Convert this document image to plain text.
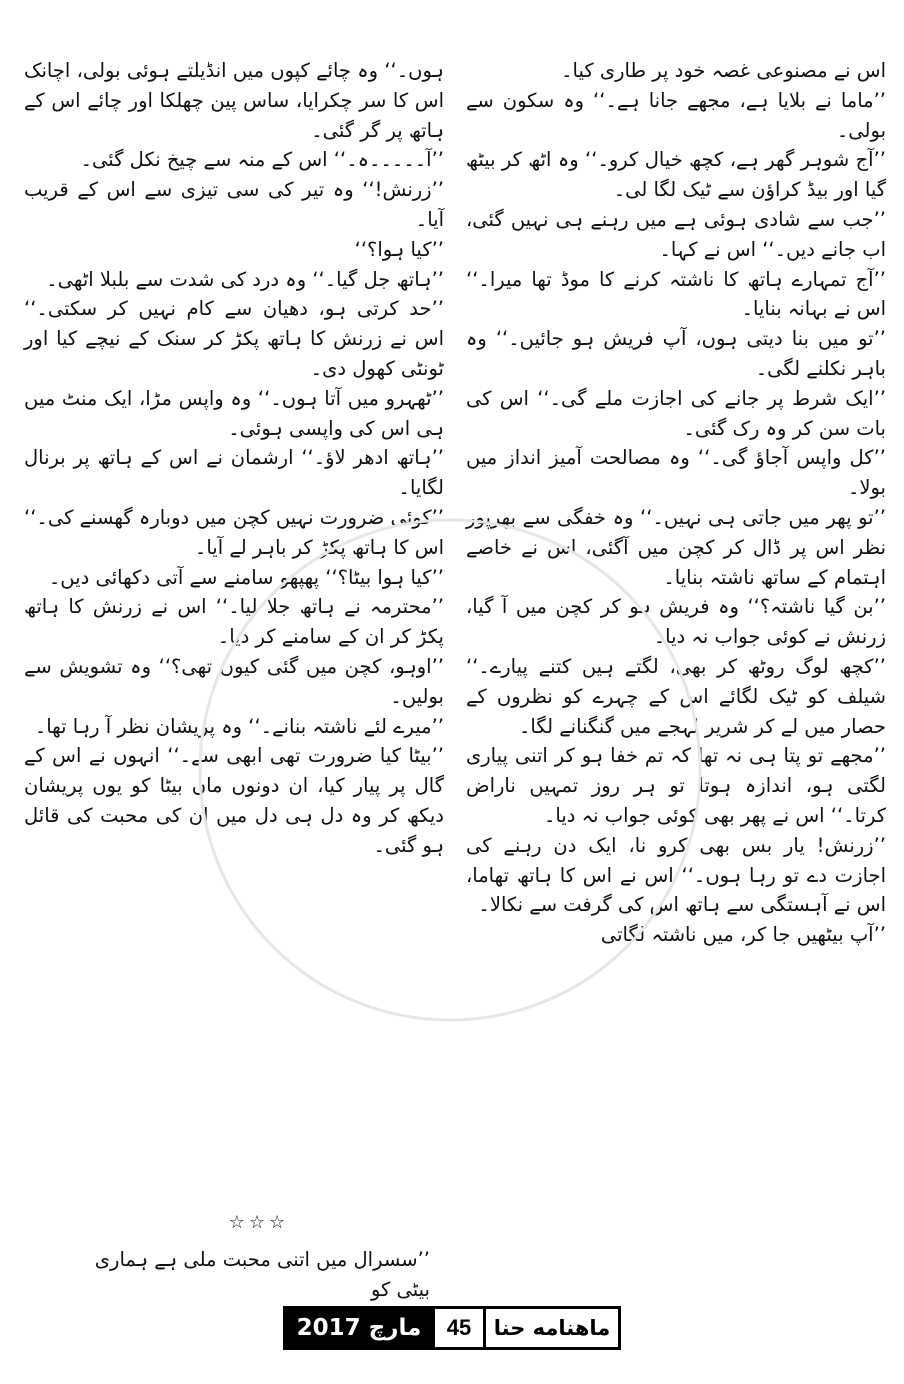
اس نے مصنوعی غصہ خود پر طاری کیا۔

’’ماما نے بلایا ہے، مجھے جانا ہے۔‘‘ وہ سکون سے بولی۔

’’آج شوہر گھر ہے، کچھ خیال کرو۔‘‘ وہ اٹھ کر بیٹھ گیا اور بیڈ کراؤن سے ٹیک لگا لی۔

’’جب سے شادی ہوئی ہے میں رہنے ہی نہیں گئی، اب جانے دیں۔‘‘ اس نے کہا۔

’’آج تمہارے ہاتھ کا ناشتہ کرنے کا موڈ تھا میرا۔‘‘ اس نے بہانہ بنایا۔

’’تو میں بنا دیتی ہوں، آپ فریش ہو جائیں۔‘‘ وہ باہر نکلنے لگی۔

’’ایک شرط پر جانے کی اجازت ملے گی۔‘‘ اس کی بات سن کر وہ رک گئی۔

’’کل واپس آجاؤ گی۔‘‘ وہ مصالحت آمیز انداز میں بولا۔

’’تو پھر میں جاتی ہی نہیں۔‘‘ وہ خفگی سے بھرپور نظر اس پر ڈال کر کچن میں آگئی، اس نے خاصے اہتمام کے ساتھ ناشتہ بنایا۔

’’بن گیا ناشتہ؟‘‘ وہ فریش ہو کر کچن میں آ گیا، زرنش نے کوئی جواب نہ دیا۔

’’کچھ لوگ روٹھ کر بھی، لگتے ہیں کتنے پیارے۔‘‘ شیلف کو ٹیک لگائے اس کے چہرے کو نظروں کے حصار میں لے کر شریر لہجے میں گنگنانے لگا۔

’’مجھے تو پتا ہی نہ تھا کہ تم خفا ہو کر اتنی پیاری لگتی ہو، اندازہ ہوتا تو ہر روز تمہیں ناراض کرتا۔‘‘ اس نے پھر بھی کوئی جواب نہ دیا۔

’’زرنش! یار بس بھی کرو نا، ایک دن رہنے کی اجازت دے تو رہا ہوں۔‘‘ اس نے اس کا ہاتھ تھاما، اس نے آہستگی سے ہاتھ اس کی گرفت سے نکالا۔

’’آپ بیٹھیں جا کر، میں ناشتہ لگاتی

ہوں۔‘‘ وہ چائے کپوں میں انڈیلتے ہوئی بولی، اچانک اس کا سر چکرایا، ساس پین چھلکا اور چائے اس کے ہاتھ پر گر گئی۔

’’آ۔۔۔۔۔ہ۔‘‘ اس کے منہ سے چیخ نکل گئی۔

’’زرنش!‘‘ وہ تیر کی سی تیزی سے اس کے قریب آیا۔

’’کیا ہوا؟‘‘

’’ہاتھ جل گیا۔‘‘ وہ درد کی شدت سے بلبلا اٹھی۔

’’حد کرتی ہو، دھیان سے کام نہیں کر سکتی۔‘‘ اس نے زرنش کا ہاتھ پکڑ کر سنک کے نیچے کیا اور ٹونٹی کھول دی۔

’’ٹھہرو میں آتا ہوں۔‘‘ وہ واپس مڑا، ایک منٹ میں ہی اس کی واپسی ہوئی۔

’’ہاتھ ادھر لاؤ۔‘‘ ارشمان نے اس کے ہاتھ پر برنال لگایا۔

’’کوئی ضرورت نہیں کچن میں دوبارہ گھسنے کی۔‘‘ اس کا ہاتھ پکڑ کر باہر لے آیا۔

’’کیا ہوا بیٹا؟‘‘ پھپھو سامنے سے آتی دکھائی دیں۔

’’محترمہ نے ہاتھ جلا لیا۔‘‘ اس نے زرنش کا ہاتھ پکڑ کر ان کے سامنے کر دیا۔

’’اوہو، کچن میں گئی کیوں تھی؟‘‘ وہ تشویش سے بولیں۔

’’میرے لئے ناشتہ بنانے۔‘‘ وہ پریشان نظر آ رہا تھا۔

’’بیٹا کیا ضرورت تھی ابھی سے۔‘‘ انہوں نے اس کے گال پر پیار کیا، ان دونوں ماں بیٹا کو یوں پریشان دیکھ کر وہ دل ہی دل میں ان کی محبت کی قائل ہو گئی۔

☆☆☆
’’سسرال میں اتنی محبت ملی ہے ہماری بیٹی کو
ماهنامه حنا
45
مارچ 2017
